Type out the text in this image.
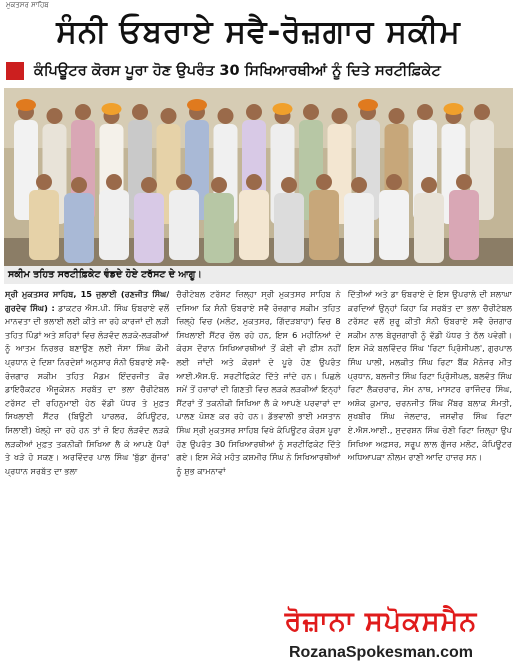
ਮੁਕਤਸਰ ਸਾਹਿਬ
ਸੰਨੀ ਓਬਰਾਏ ਸਵੈ-ਰੋਜ਼ਗਾਰ ਸਕੀਮ
ਕੰਪਿਊਟਰ ਕੋਰਸ ਪੂਰਾ ਹੋਣ ਉਪਰੰਤ 30 ਸਿਖਿਆਰਥੀਆਂ ਨੂੰ ਦਿਤੇ ਸਰਟੀਫ਼ਿਕੇਟ
ਸਕੀਮ ਤਹਿਤ ਸਰਟੀਫ਼ਿਕੇਟ ਵੰਡਦੇ ਹੋਏ ਟਰੱਸਟ ਦੇ ਆਗੂ।
ਸ੍ਰੀ ਮੁਕਤਸਰ ਸਾਹਿਬ, 15 ਜੁਲਾਈ (ਰਣਜੀਤ ਸਿੰਘ/ਗੁਰਦੇਵ ਸਿੰਘ) : ਡਾਕਟਰ ਐਸ.ਪੀ. ਸਿੰਘ ਓਬਰਾਏ ਵਲੋਂ ਮਾਨਵਤਾ ਦੀ ਭਲਾਈ ਲਈ ਕੀਤੇ ਜਾ ਰਹੇ ਕਾਰਜਾਂ ਦੀ ਲੜੀ ਤਹਿਤ ਪਿੰਡਾਂ ਅਤੇ ਸ਼ਹਿਰਾਂ ਵਿਚ ਲੋੜਵੰਦ ਲੜਕੇ-ਲੜਕੀਆਂ ਨੂੰ ਆਤਮ ਨਿਰਭਰ ਬਣਾਉਣ ਲਈ ਜੱਸਾ ਸਿੰਘ ਕੌਮੀ ਪ੍ਰਧਾਨ ਦੇ ਦਿਸ਼ਾ ਨਿਰਦੇਸ਼ਾਂ ਅਨੁਸਾਰ ਸੰਨੀ ਓਬਰਾਏ ਸਵੈ-ਰੋਜ਼ਗਾਰ ਸਕੀਮ ਤਹਿਤ ਮੈਡਮ ਇੰਦਰਜੀਤ ਕੌਰ ਡਾਇਰੈਕਟਰ ਐਜੂਕੇਸ਼ਨ ਸਰਬੱਤ ਦਾ ਭਲਾ ਚੈਰੀਟੇਬਲ ਟਰੱਸਟ ਦੀ ਰਹਿਨੁਮਾਈ ਹੇਠ ਵੱਡੀ ਪੱਧਰ ਤੇ ਮੁਫ਼ਤ ਸਿਖਲਾਈ ਸੈਂਟਰ (ਬਿਊਟੀ ਪਾਰਲਰ, ਕੰਪਿਊਟਰ, ਸਿਲਾਈ) ਖੋਲ੍ਹੇ ਜਾ ਰਹੇ ਹਨ ਤਾਂ ਜ਼ੋ ਇਹ ਲੋੜਵੰਦ ਲੜਕੇ ਲੜਕੀਆਂ ਮੁਫ਼ਤ ਤਕਨੀਕੀ ਸਿਖਿਆ ਲੈ ਕੇ ਆਪਣੇ ਪੈਰਾਂ ਤੇ ਖੜੇ ਹੋ ਸਕਣ। ਅਰਵਿੰਦਰ ਪਾਲ ਸਿੰਘ 'ਬੁੱਡਾ ਗੁੱਜਰ' ਪ੍ਰਧਾਨ ਸਰਬੱਤ ਦਾ ਭਲਾ
ਚੈਰੀਟੇਬਲ ਟਰੱਸਟ ਜ਼ਿਲ੍ਹਾ ਸ੍ਰੀ ਮੁਕਤਸਰ ਸਾਹਿਬ ਨੇ ਦਸਿਆ ਕਿ ਸੰਨੀ ਓਬਰਾਏ ਸਵੈ ਰੋਜ਼ਗਾਰ ਸਕੀਮ ਤਹਿਤ ਜ਼ਿਲ੍ਹੇ ਵਿਚ (ਮਲੋਟ, ਮੁਕਤਸਰ, ਗਿੱਦੜਬਾਹਾ) ਵਿਚ 8 ਸਿਖਲਾਈ ਸੈਂਟਰ ਚੱਲ ਰਹੇ ਹਨ, ਇਸ 6 ਮਹੀਨਿਆਂ ਦੇ ਕੋਰਸ ਦੌਰਾਨ ਸਿਖਿਆਰਥੀਆਂ ਤੋਂ ਕੋਈ ਵੀ ਫ਼ੀਸ ਨਹੀਂ ਲਈ ਜਾਂਦੀ ਅਤੇ ਕੋਰਸਾਂ ਦੇ ਪੂਰੇ ਹੋਣ ਉਪਰੰਤ ਆਈ.ਐਸ.ਓ. ਸਰਟੀਫਿਕੇਟ ਦਿੱਤੇ ਜਾਂਦੇ ਹਨ। ਪਿਛਲੇ ਸਮੇਂ ਤੋਂ ਹਜ਼ਾਰਾਂ ਦੀ ਗਿਣਤੀ ਵਿਚ ਲੜਕੇ ਲੜਕੀਆਂ ਇਨ੍ਹਾਂ ਸੈਂਟਰਾਂ ਤੋਂ ਤਕਨੀਕੀ ਸਿਖਿਆ ਲੈ ਕੇ ਆਪਣੇ ਪਰਵਾਰਾਂ ਦਾ ਪਾਲਣ ਪੋਸ਼ਣ ਕਰ ਰਹੇ ਹਨ। ਡੱਭਵਾਲੀ ਭਾਈ ਮਸਤਾਨ ਸਿੰਘ ਸ੍ਰੀ ਮੁਕਤਸਰ ਸਾਹਿਬ ਵਿਖੇ ਕੰਪਿਊਟਰ ਕੋਰਸ ਪੂਰਾ ਹੋਣ ਉਪਰੰਤ 30 ਸਿਖਿਆਰਥੀਆਂ ਨੂੰ ਸਰਟੀਫਿਕੇਟ ਦਿੱਤੇ ਗਏ। ਇਸ ਮੌਕੇ ਮਹੰਤ ਕਸ਼ਮੀਰ ਸਿੰਘ ਨੇ ਸਿਖਿਆਰਥੀਆਂ ਨੂੰ ਸ਼ੁਭ ਕਾਮਨਾਵਾਂ
ਦਿੱਤੀਆਂ ਅਤੇ ਡਾ ਓਬਰਾਏ ਦੇ ਇਸ ਉਪਰਾਲੇ ਦੀ ਸ਼ਲਾਘਾ ਕਰਦਿਆਂ ਉਨ੍ਹਾਂ ਕਿਹਾ ਕਿ ਸਰਬੱਤ ਦਾ ਭਲਾ ਚੈਰੀਟੇਬਲ ਟਰੱਸਟ ਵਲੋਂ ਸ਼ੁਰੂ ਕੀਤੀ ਸੰਨੀ ਓਬਰਾਏ ਸਵੈ ਰੋਜ਼ਗਾਰ ਸਕੀਮ ਨਾਲ ਬੇਰੁਜ਼ਗਾਰੀ ਨੂੰ ਵੱਡੀ ਪੱਧਰ ਤੇ ਠੱਲ ਪਵੇਗੀ। ਇਸ ਮੌਕੇ ਬਲਵਿੰਦਰ ਸਿੰਘ 'ਰਿਟਾ ਪ੍ਰਿੰਸੀਪਲ', ਗੁਰਪਾਲ ਸਿੰਘ ਪਾਲੀ, ਮਲਕੀਤ ਸਿੰਘ ਰਿਟਾ ਬੈਂਕ ਮੈਨੇਜਰ ਮੀਤ ਪ੍ਰਧਾਨ, ਬਲਜੀਤ ਸਿੰਘ ਰਿਟਾ ਪ੍ਰਿੰਸੀਪਲ, ਬਲਵੰਤ ਸਿੰਘ ਰਿਟਾ ਲੈਕਚਰਾਰ, ਸੋਮ ਨਾਥ, ਮਾਸਟਰ ਰਾਜਿੰਦਰ ਸਿੰਘ, ਅਸ਼ੋਕ ਕੁਮਾਰ, ਚਰਨਜੀਤ ਸਿੰਘ ਮੈਂਬਰ ਬਲਾਕ ਸੰਮਤੀ, ਸੁਖਬੀਰ ਸਿੰਘ ਜੇਲਦਾਰ, ਜਸਵੀਰ ਸਿੰਘ ਰਿਟਾ ਏ.ਐਸ.ਆਈ., ਸੁਦਰਸ਼ਨ ਸਿੰਘ ਚੋਣੀ ਰਿਟਾ ਜ਼ਿਲ੍ਹਾ ਉਪ ਸਿਖਿਆ ਅਫ਼ਸਰ, ਸਰੂਪ ਲਾਲ ਗੁੱਜਰ ਮਲੋਟ, ਕੰਪਿਊਟਰ ਅਧਿਆਪਕਾ ਨੀਲਮ ਰਾਣੀ ਆਦਿ ਹਾਜ਼ਰ ਸਨ।
ਰੋਜ਼ਾਨਾ ਸਪੋਕਸਮੈਨ
RozanaSpokesman.com
